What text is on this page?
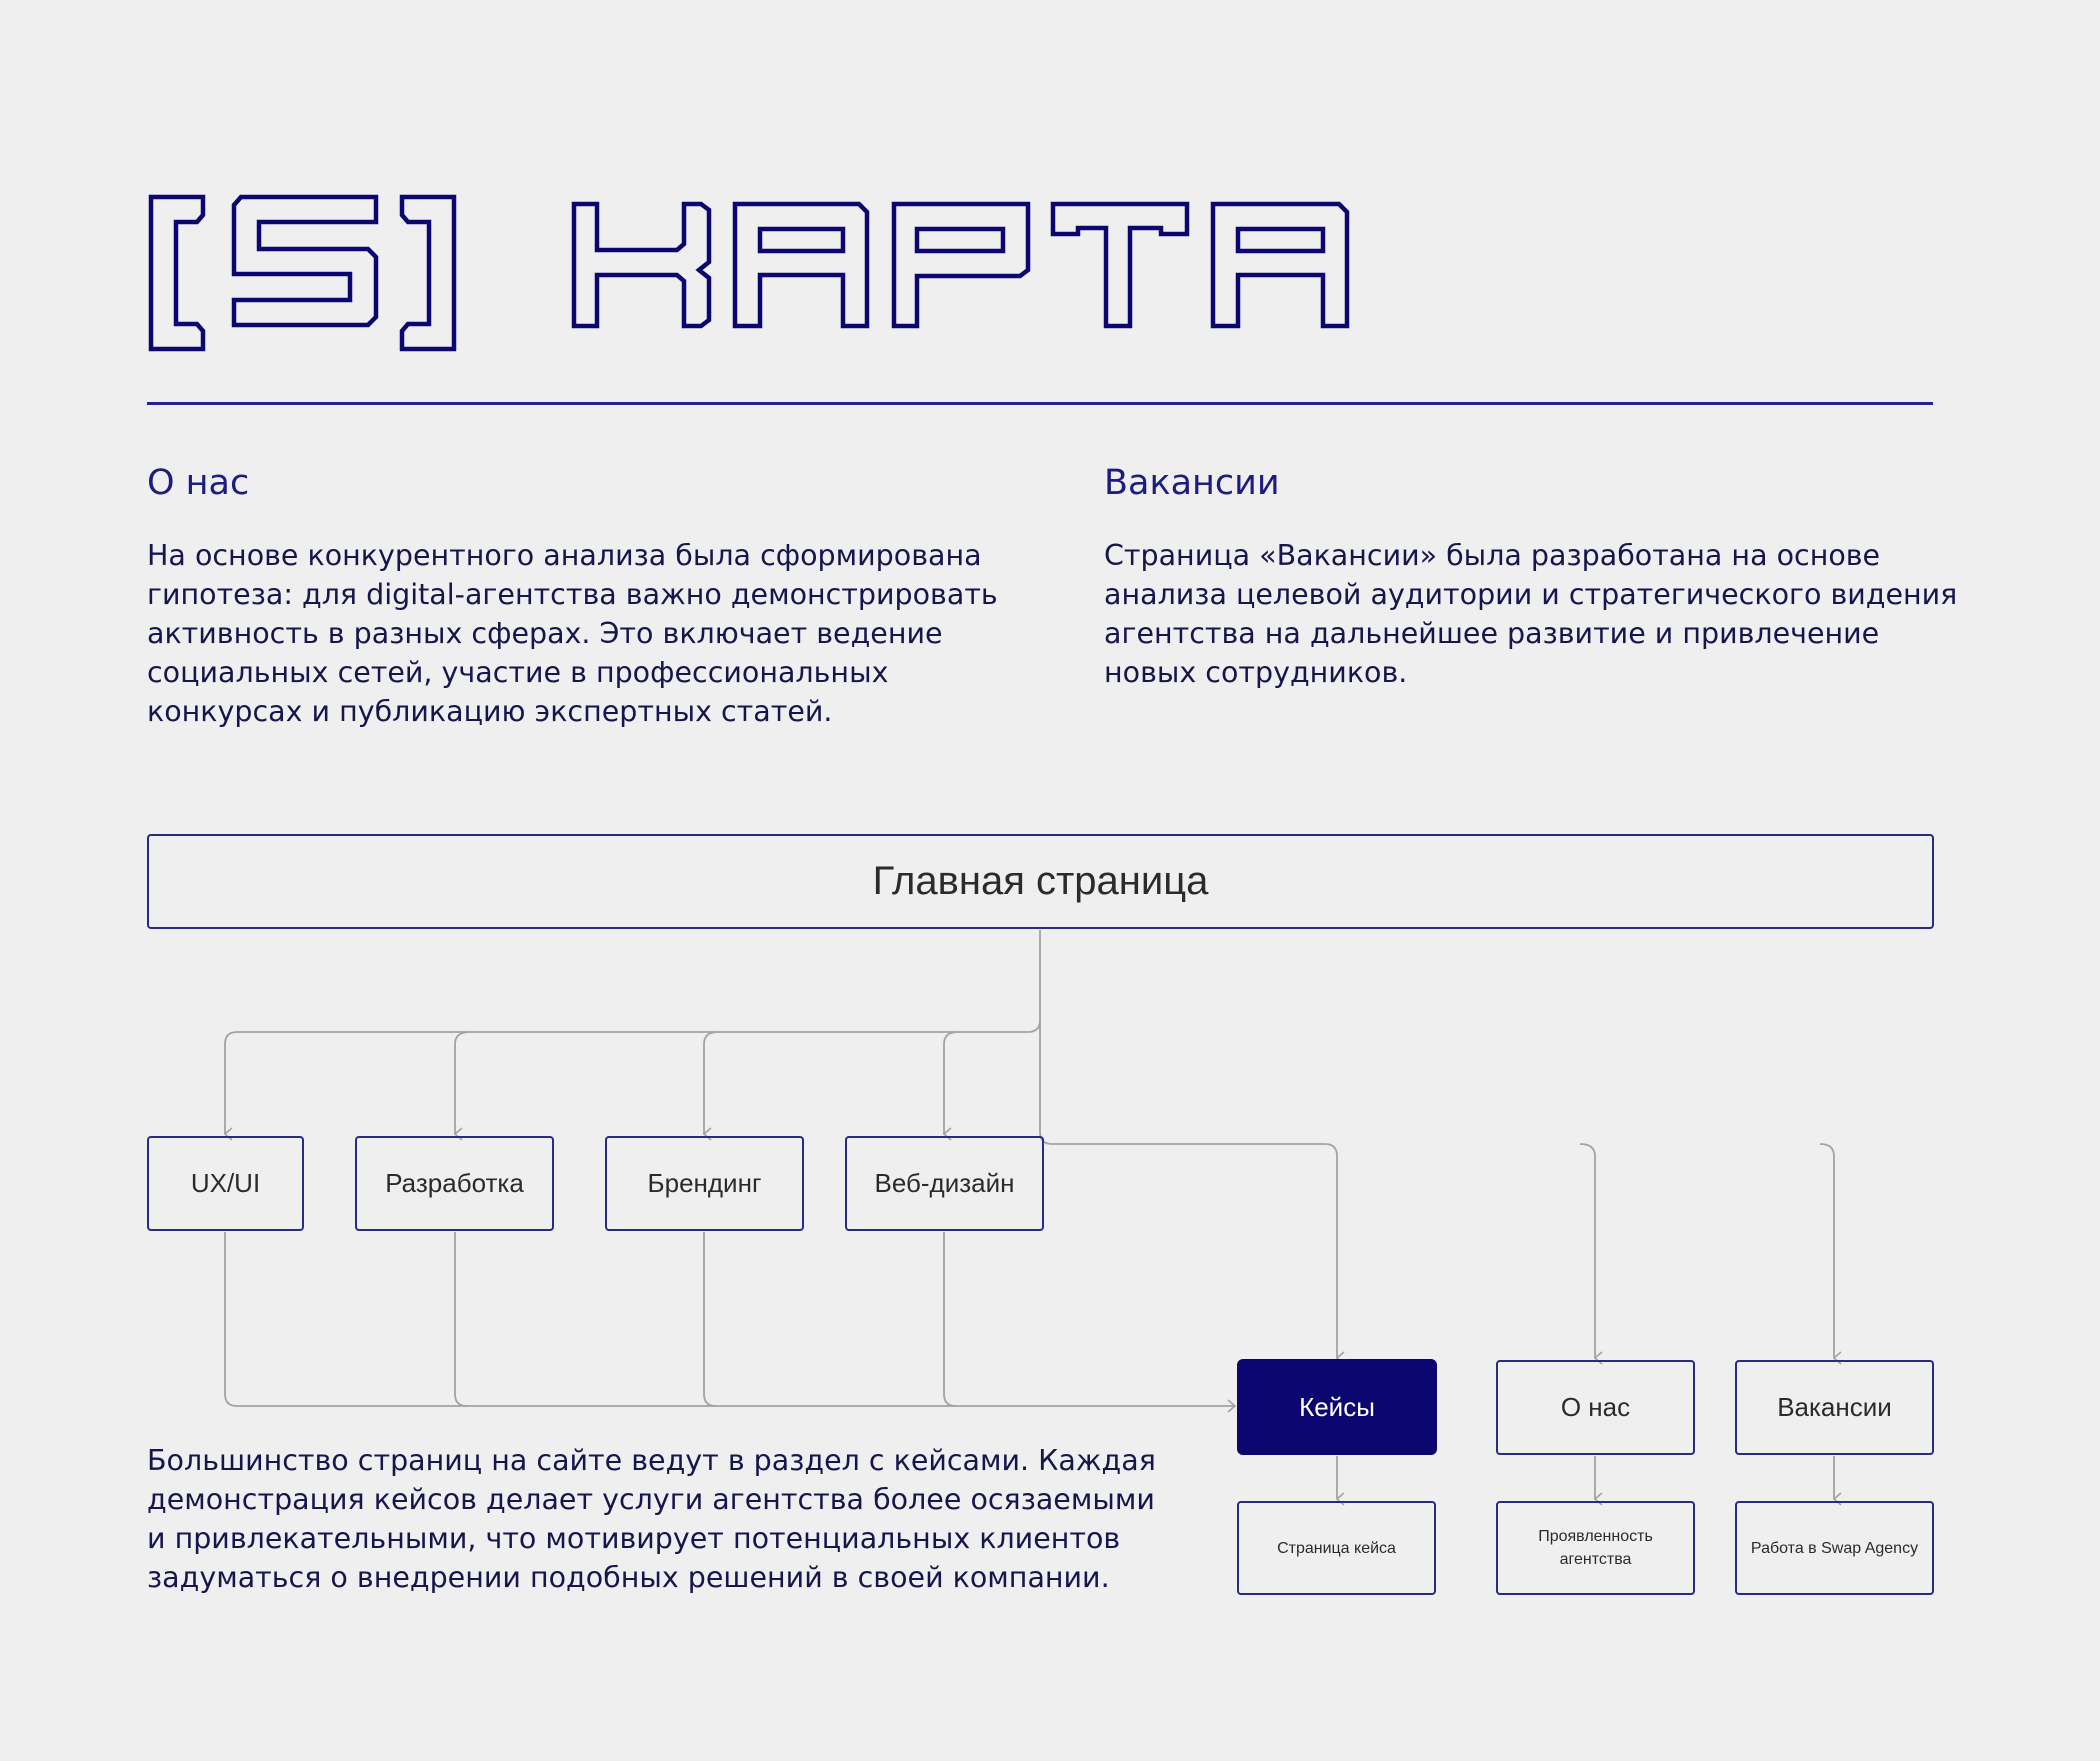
О нас
На основе конкурентного анализа была сформирована
гипотеза: для digital-агентства важно демонстрировать
активность в разных сферах. Это включает ведение
социальных сетей, участие в профессиональных
конкурсах и публикацию экспертных статей.
Вакансии
Страница «Вакансии» была разработана на основе
анализа целевой аудитории и стратегического видения
агентства на дальнейшее развитие и привлечение
новых сотрудников.
Главная страница
UX/UI	Разработка	Брендинг	Веб-дизайн
Кейсы	О нас	Вакансии
Страница кейса
Проявленность
агентства
Работа в Swap Agency
Большинство страниц на сайте ведут в раздел с кейсами. Каждая
демонстрация кейсов делает услуги агентства более осязаемыми
и привлекательными, что мотивирует потенциальных клиентов
задуматься о внедрении подобных решений в своей компании.
